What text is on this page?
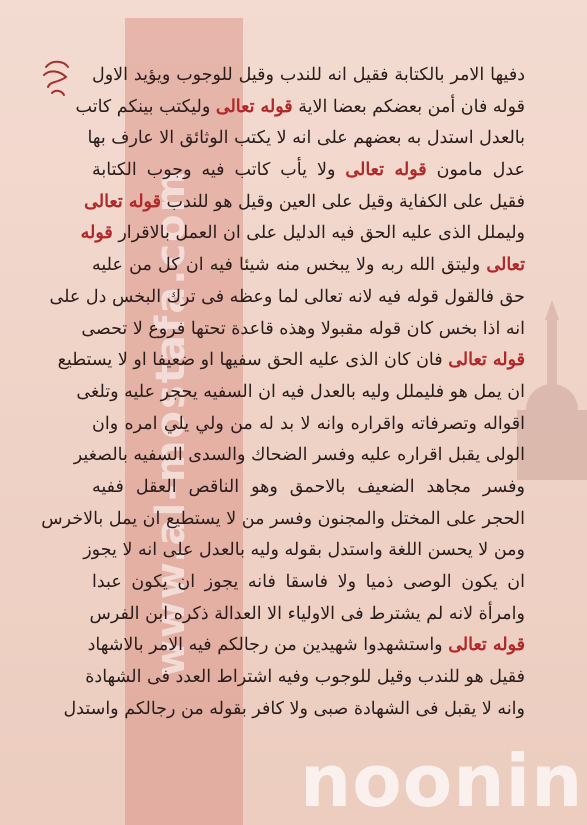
www.al-mostafa.com
دفيها الامر بالكتابة فقيل انه للندب وقيل للوجوب ويؤيد الاول
قوله فان أمن بعضكم بعضا الاية قوله تعالى وليكتب بينكم كاتب
بالعدل استدل به بعضهم على انه لا يكتب الوثائق الا عارف بها
عدل مامون قوله تعالى ولا يأب كاتب فيه وجوب الكتابة
فقيل على الكفاية وقيل على العين وقيل هو للندب قوله تعالى
وليملل الذى عليه الحق فيه الدليل على ان العمل بالاقرار قوله
تعالى وليتق الله ربه ولا يبخس منه شيئا فيه ان كل من عليه
حق فالقول قوله فيه لانه تعالى لما وعظه فى ترك البخس دل على
انه اذا بخس كان قوله مقبولا وهذه قاعدة تحتها فروع لا تحصى
قوله تعالى فان كان الذى عليه الحق سفيها او ضعيفا او لا يستطيع
ان يمل هو فليملل وليه بالعدل فيه ان السفيه يحجر عليه وتلغى
اقواله وتصرفاته واقراره وانه لا بد له من ولي يلي امره وان
الولى يقبل اقراره عليه وفسر الضحاك والسدى السفيه بالصغير
وفسر مجاهد الضعيف بالاحمق وهو الناقص العقل ففيه
الحجر على المختل والمجنون وفسر من لا يستطيع ان يمل بالاخرس
ومن لا يحسن اللغة واستدل بقوله وليه بالعدل على انه لا يجوز
ان يكون الوصى ذميا ولا فاسقا فانه يجوز ان يكون عبدا
وامرأة لانه لم يشترط فى الاولياء الا العدالة ذكره ابن الفرس
قوله تعالى واستشهدوا شهيدين من رجالكم فيه الامر بالاشهاد
فقيل هو للندب وقيل للوجوب وفيه اشتراط العدد فى الشهادة
وانه لا يقبل فى الشهادة صبى ولا كافر بقوله من رجالكم واستدل
noonin
